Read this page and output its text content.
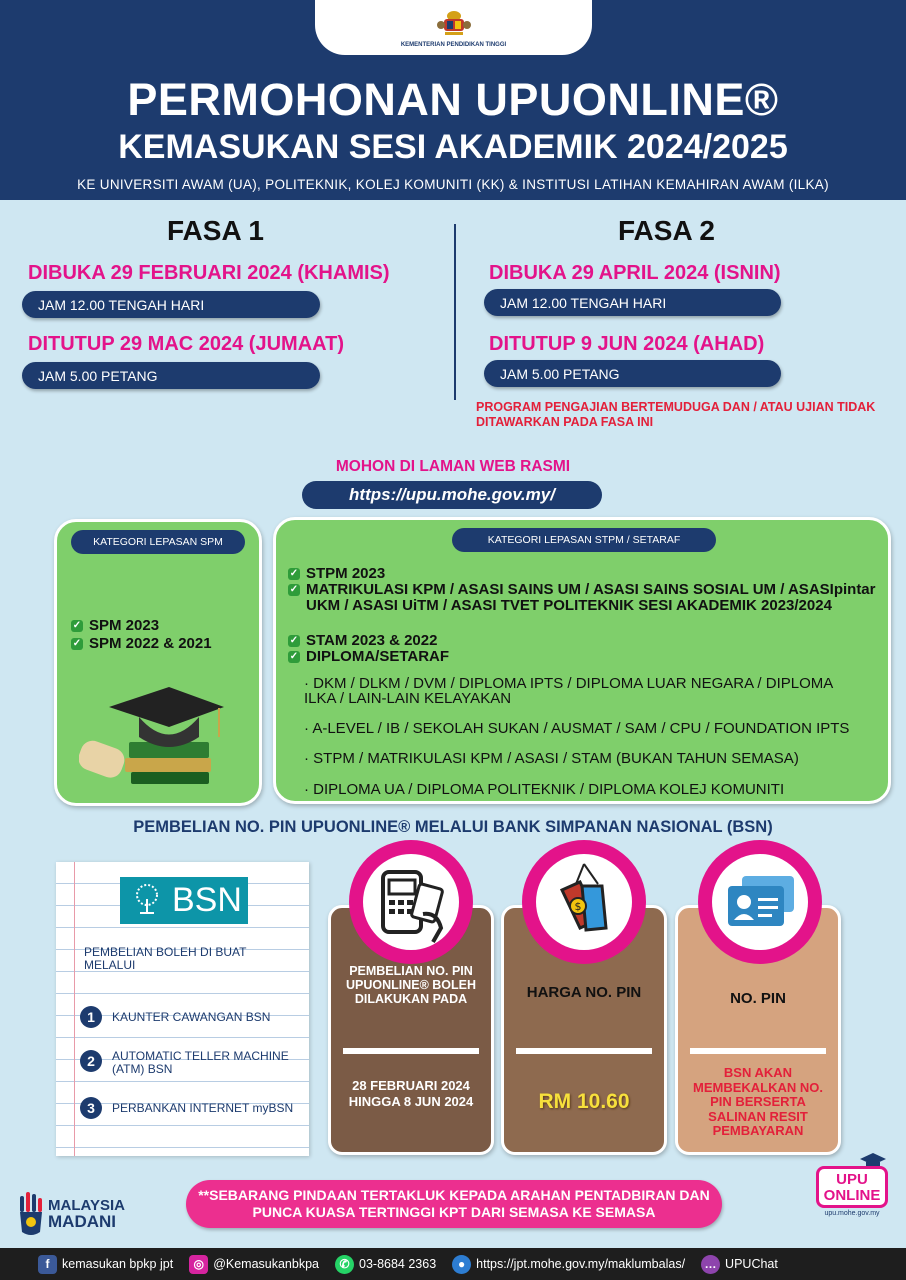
KEMENTERIAN PENDIDIKAN TINGGI
PERMOHONAN UPUONLINE®
KEMASUKAN SESI AKADEMIK 2024/2025
KE UNIVERSITI AWAM (UA), POLITEKNIK, KOLEJ KOMUNITI (KK) & INSTITUSI LATIHAN KEMAHIRAN AWAM (ILKA)
FASA 1
DIBUKA 29 FEBRUARI 2024 (KHAMIS)
JAM 12.00 TENGAH HARI
DITUTUP 29 MAC 2024 (JUMAAT)
JAM 5.00 PETANG
FASA 2
DIBUKA 29 APRIL 2024 (ISNIN)
JAM 12.00 TENGAH HARI
DITUTUP 9 JUN 2024 (AHAD)
JAM 5.00 PETANG
PROGRAM PENGAJIAN BERTEMUDUGA DAN / ATAU UJIAN TIDAK DITAWARKAN PADA FASA INI
MOHON DI LAMAN WEB RASMI
https://upu.mohe.gov.my/
KATEGORI LEPASAN SPM
✓ SPM 2023
✓ SPM 2022 & 2021
KATEGORI LEPASAN STPM / SETARAF
✓ STPM 2023
✓ MATRIKULASI KPM / ASASI SAINS UM / ASASI SAINS SOSIAL UM / ASASIpintar UKM / ASASI UiTM / ASASI TVET POLITEKNIK SESI AKADEMIK 2023/2024
✓ STAM 2023 & 2022
✓ DIPLOMA/SETARAF
· DKM / DLKM / DVM / DIPLOMA IPTS / DIPLOMA LUAR NEGARA / DIPLOMA ILKA / LAIN-LAIN KELAYAKAN
· A-LEVEL / IB / SEKOLAH SUKAN / AUSMAT / SAM / CPU / FOUNDATION IPTS
· STPM / MATRIKULASI KPM / ASASI / STAM (BUKAN TAHUN SEMASA)
· DIPLOMA UA / DIPLOMA POLITEKNIK / DIPLOMA KOLEJ KOMUNITI
PEMBELIAN NO. PIN UPUONLINE® MELALUI BANK SIMPANAN NASIONAL (BSN)
BSN
PEMBELIAN BOLEH DI BUAT MELALUI
1	KAUNTER CAWANGAN BSN
2	AUTOMATIC TELLER MACHINE (ATM) BSN
3	PERBANKAN INTERNET myBSN
PEMBELIAN NO. PIN UPUONLINE® BOLEH DILAKUKAN PADA
28 FEBRUARI 2024 HINGGA 8 JUN 2024
HARGA NO. PIN
RM 10.60
$
NO. PIN
BSN AKAN MEMBEKALKAN NO. PIN BERSERTA SALINAN RESIT PEMBAYARAN
MALAYSIA
MADANI
**SEBARANG PINDAAN TERTAKLUK KEPADA ARAHAN PENTADBIRAN DAN PUNCA KUASA TERTINGGI KPT DARI SEMASA KE SEMASA
UPU
ONLINE
upu.mohe.gov.my
f	kemasukan bpkp jpt	◎ @Kemasukanbkpa	✆ 03-8684 2363	● https://jpt.mohe.gov.my/maklumbalas/ … UPUChat
